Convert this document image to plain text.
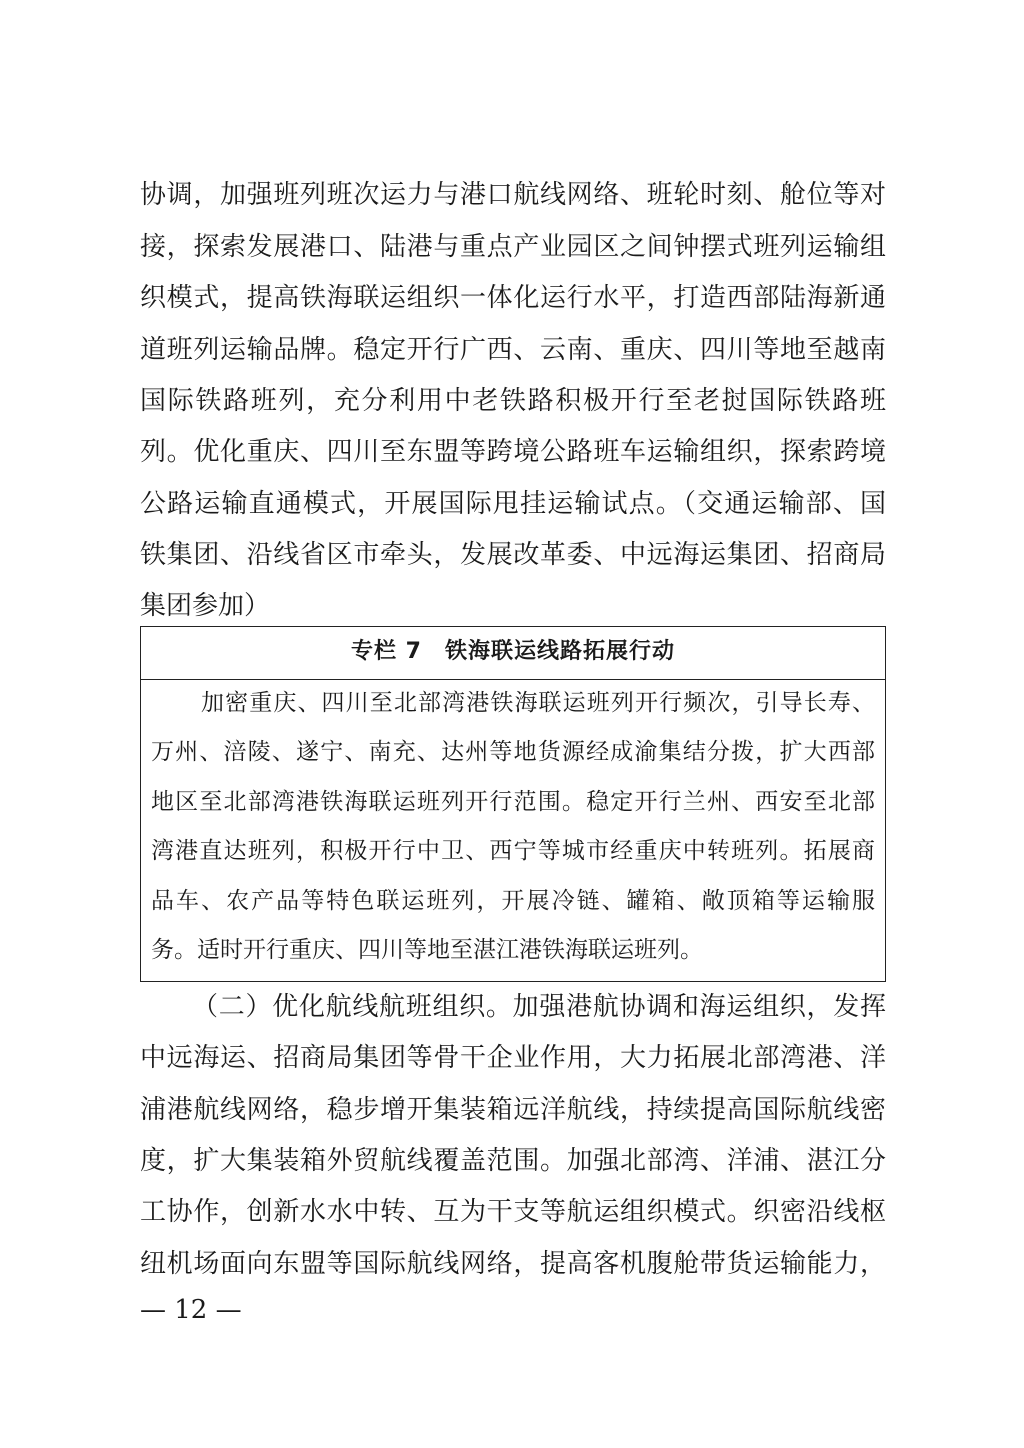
协调，加强班列班次运力与港口航线网络、班轮时刻、舱位等对
接，探索发展港口、陆港与重点产业园区之间钟摆式班列运输组
织模式，提高铁海联运组织一体化运行水平，打造西部陆海新通
道班列运输品牌。稳定开行广西、云南、重庆、四川等地至越南
国际铁路班列，充分利用中老铁路积极开行至老挝国际铁路班
列。优化重庆、四川至东盟等跨境公路班车运输组织，探索跨境
公路运输直通模式，开展国际甩挂运输试点。（交通运输部、国
铁集团、沿线省区市牵头，发展改革委、中远海运集团、招商局
集团参加）
专栏 7　铁海联运线路拓展行动
加密重庆、四川至北部湾港铁海联运班列开行频次，引导长寿、
万州、涪陵、遂宁、南充、达州等地货源经成渝集结分拨，扩大西部
地区至北部湾港铁海联运班列开行范围。稳定开行兰州、西安至北部
湾港直达班列，积极开行中卫、西宁等城市经重庆中转班列。拓展商
品车、农产品等特色联运班列，开展冷链、罐箱、敞顶箱等运输服
务。适时开行重庆、四川等地至湛江港铁海联运班列。
（二）优化航线航班组织。加强港航协调和海运组织，发挥
中远海运、招商局集团等骨干企业作用，大力拓展北部湾港、洋
浦港航线网络，稳步增开集装箱远洋航线，持续提高国际航线密
度，扩大集装箱外贸航线覆盖范围。加强北部湾、洋浦、湛江分
工协作，创新水水中转、互为干支等航运组织模式。织密沿线枢
纽机场面向东盟等国际航线网络，提高客机腹舱带货运输能力，
— 12 —
